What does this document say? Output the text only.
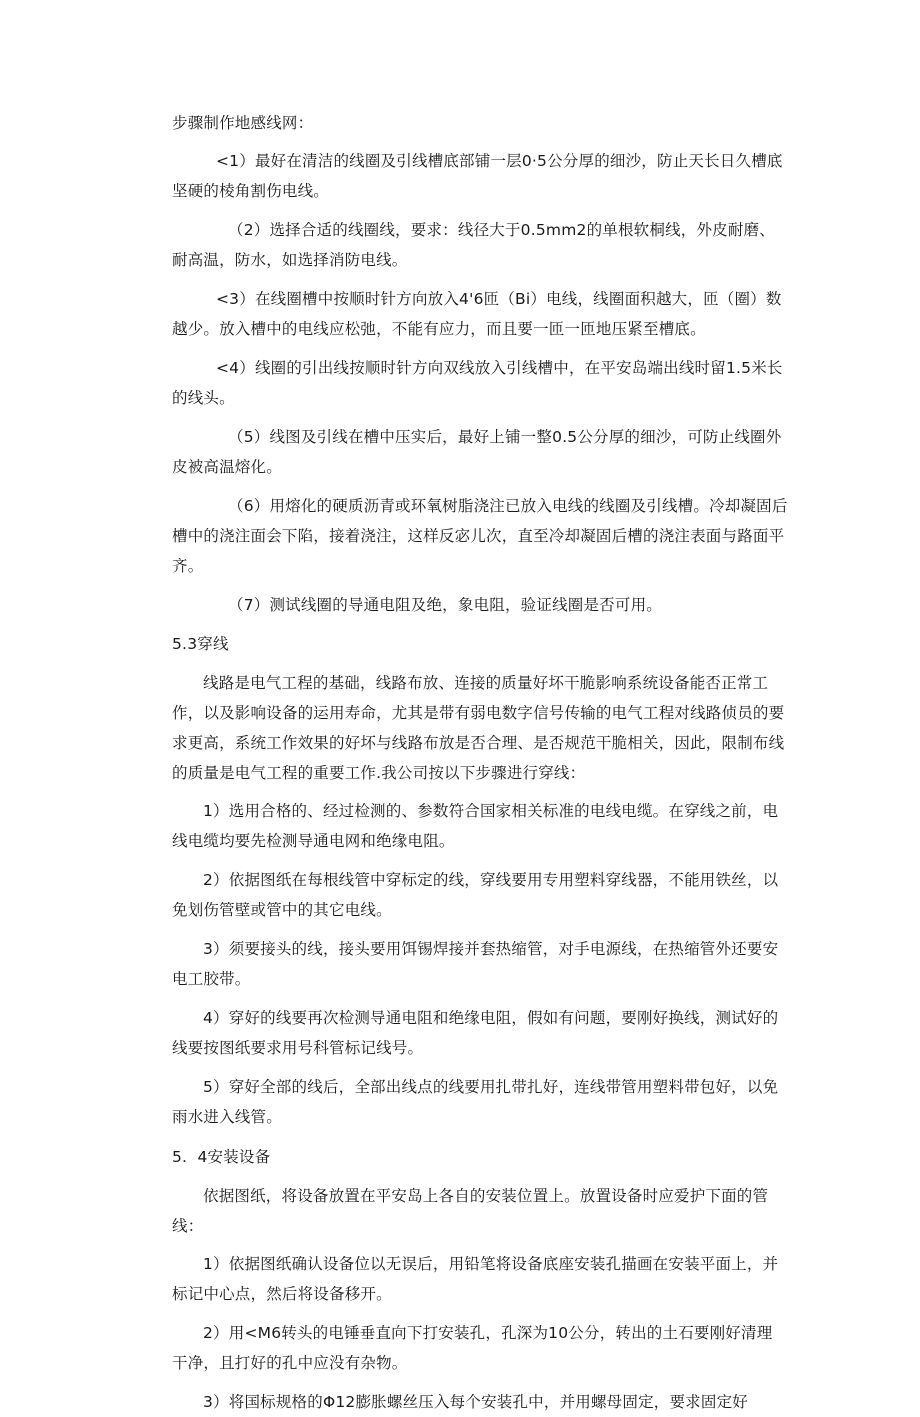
步骤制作地感线网：

<1）最好在清洁的线圈及引线槽底部铺一层0·5公分厚的细沙，防止天长日久槽底坚硬的棱角割伤电线。

（2）选择合适的线圈线，要求：线径大于0.5mm2的单根软桐线，外皮耐磨、耐高温，防水，如选择消防电线。

<3）在线圈槽中按顺时针方向放入4'6匝（Bi）电线，线圈面积越大，匝（圈）数越少。放入槽中的电线应松弛，不能有应力，而且要一匝一匝地压紧至槽底。

<4）线圈的引出线按顺时针方向双线放入引线槽中，在平安岛端出线时留1.5米长的线头。

（5）线图及引线在槽中压实后，最好上铺一整0.5公分厚的细沙，可防止线圈外皮被高温熔化。

（6）用熔化的硬质沥青或环氧树脂浇注已放入电线的线圈及引线槽。冷却凝固后槽中的浇注面会下陷，接着浇注，这样反宓儿次，直至冷却凝固后槽的浇注表面与路面平齐。

（7）测试线圈的导通电阻及绝，象电阻，验证线圈是否可用。

5.3穿线

线路是电气工程的基础，线路布放、连接的质量好坏干脆影响系统设备能否正常工作，以及影响设备的运用寿命，尤其是带有弱电数字信号传输的电气工程对线路侦员的要求更高，系统工作效果的好坏与线路布放是否合理、是否规范干脆相关，因此，限制布线的质量是电气工程的重要工作.我公司按以下步骤进行穿线：

1）选用合格的、经过检测的、参数符合国家相关标准的电线电缆。在穿线之前，电线电缆均要先检测导通电网和绝缘电阻。

2）依据图纸在每根线管中穿标定的线，穿线要用专用塑料穿线器，不能用铁丝，以免划伤管壁或管中的其它电线。

3）须要接头的线，接头要用饵锡焊接并套热缩管，对手电源线，在热缩管外还要安电工胶带。

4）穿好的线要再次检测导通电阻和绝缘电阻，假如有问题，要刚好换线，测试好的线要按图纸要求用号科管标记线号。

5）穿好全部的线后，全部出线点的线要用扎带扎好，连线带管用塑料带包好，以免雨水进入线管。

5.  4安装设备

依据图纸，将设备放置在平安岛上各自的安装位置上。放置设备时应爱护下面的管线：

1）依据图纸确认设备位以无误后，用铅笔将设备底座安装孔描画在安装平面上，并标记中心点，然后将设备移开。

2）用<M6转头的电锤垂直向下打安装孔，孔深为10公分，转出的土石要刚好清理干净，且打好的孔中应没有杂物。

3）将国标规格的Φ12膨胀螺丝压入每个安装孔中，并用螺母固定，要求固定好
